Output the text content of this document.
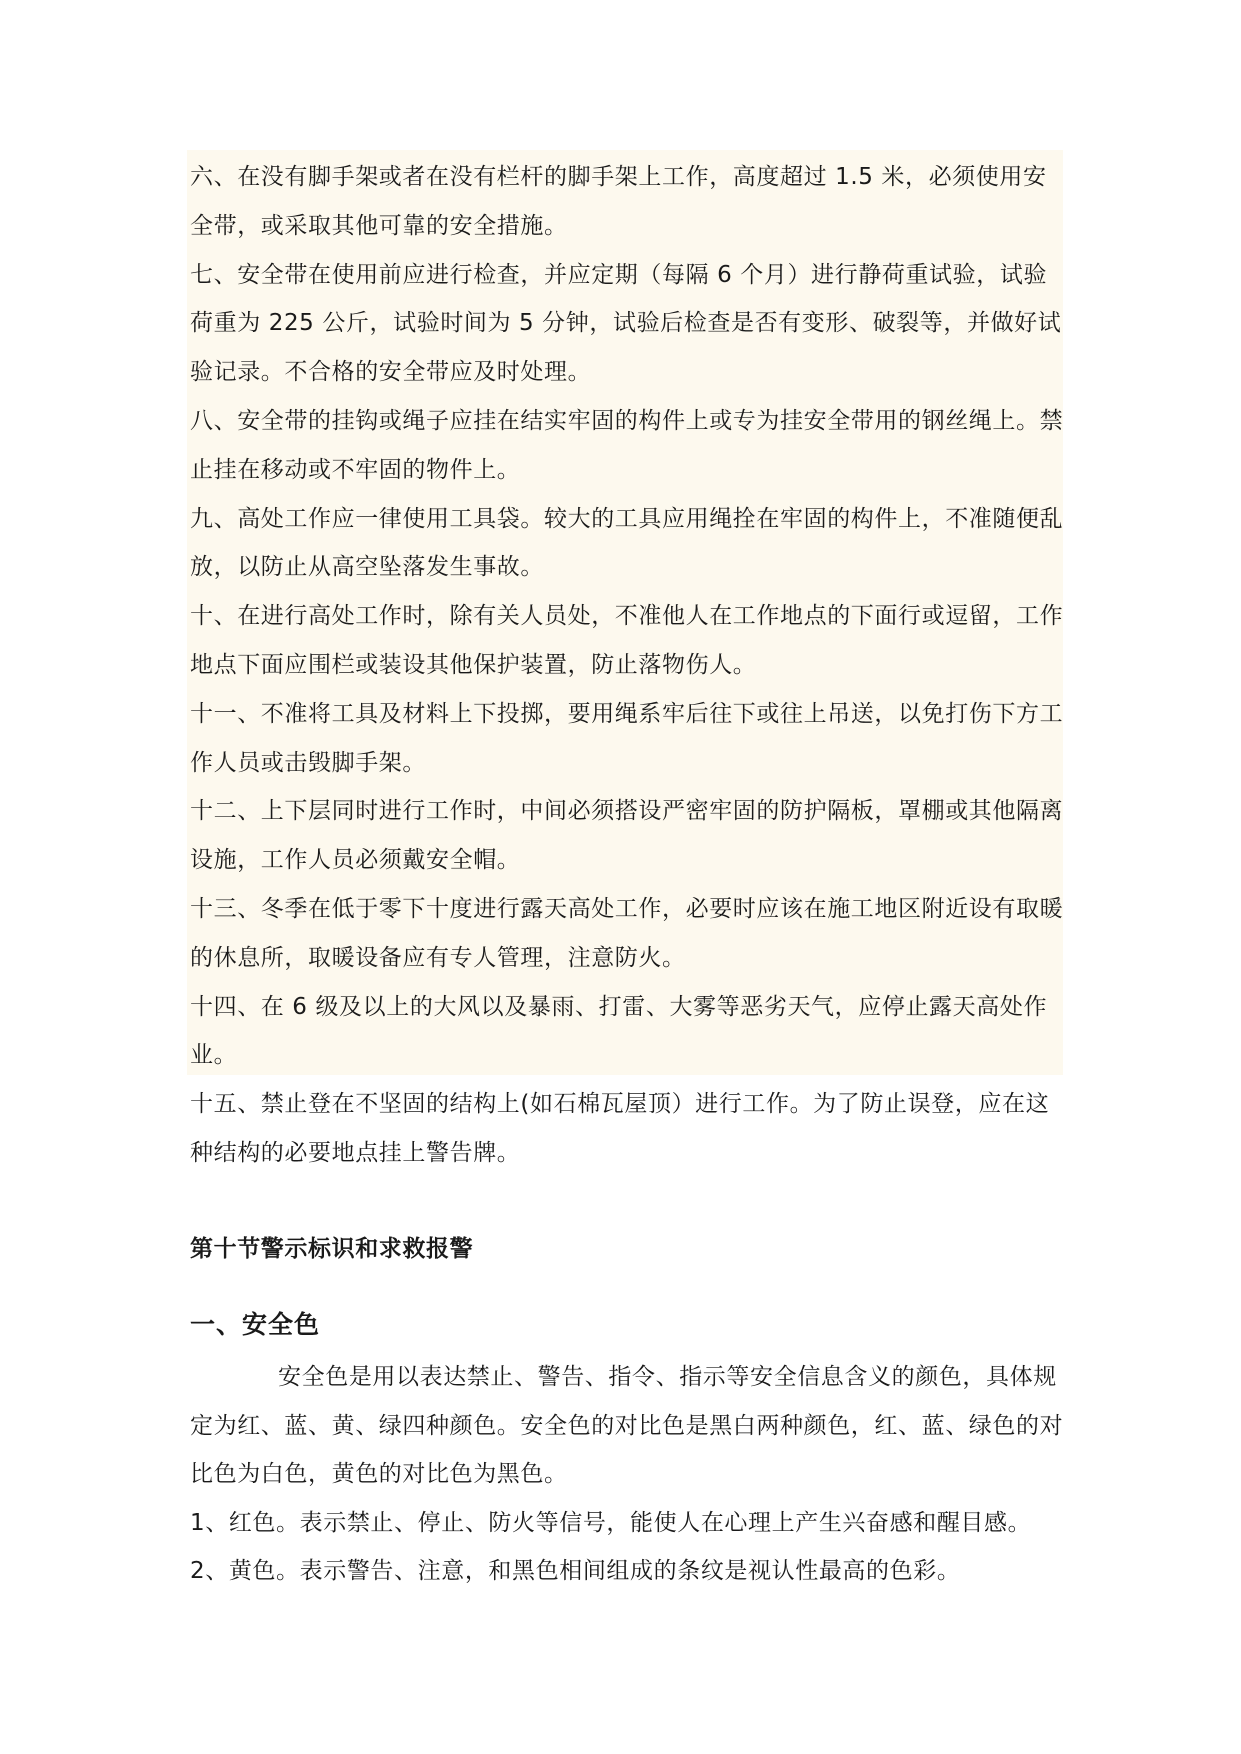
六、在没有脚手架或者在没有栏杆的脚手架上工作，高度超过 1.5 米，必须使用安全带，或采取其他可靠的安全措施。

七、安全带在使用前应进行检查，并应定期（每隔 6 个月）进行静荷重试验，试验荷重为 225 公斤，试验时间为 5 分钟，试验后检查是否有变形、破裂等，并做好试验记录。不合格的安全带应及时处理。

八、安全带的挂钩或绳子应挂在结实牢固的构件上或专为挂安全带用的钢丝绳上。禁止挂在移动或不牢固的物件上。

九、高处工作应一律使用工具袋。较大的工具应用绳拴在牢固的构件上，不准随便乱放，以防止从高空坠落发生事故。

十、在进行高处工作时，除有关人员处，不准他人在工作地点的下面行或逗留，工作地点下面应围栏或装设其他保护装置，防止落物伤人。

十一、不准将工具及材料上下投掷，要用绳系牢后往下或往上吊送，以免打伤下方工作人员或击毁脚手架。

十二、上下层同时进行工作时，中间必须搭设严密牢固的防护隔板，罩棚或其他隔离设施，工作人员必须戴安全帽。

十三、冬季在低于零下十度进行露天高处工作，必要时应该在施工地区附近设有取暖的休息所，取暖设备应有专人管理，注意防火。

十四、在 6 级及以上的大风以及暴雨、打雷、大雾等恶劣天气，应停止露天高处作业。

十五、禁止登在不坚固的结构上(如石棉瓦屋顶）进行工作。为了防止误登，应在这种结构的必要地点挂上警告牌。

第十节警示标识和求救报警
一、安全色

安全色是用以表达禁止、警告、指令、指示等安全信息含义的颜色，具体规定为红、蓝、黄、绿四种颜色。安全色的对比色是黑白两种颜色，红、蓝、绿色的对比色为白色，黄色的对比色为黑色。

1、红色。表示禁止、停止、防火等信号，能使人在心理上产生兴奋感和醒目感。

2、黄色。表示警告、注意，和黑色相间组成的条纹是视认性最高的色彩。
